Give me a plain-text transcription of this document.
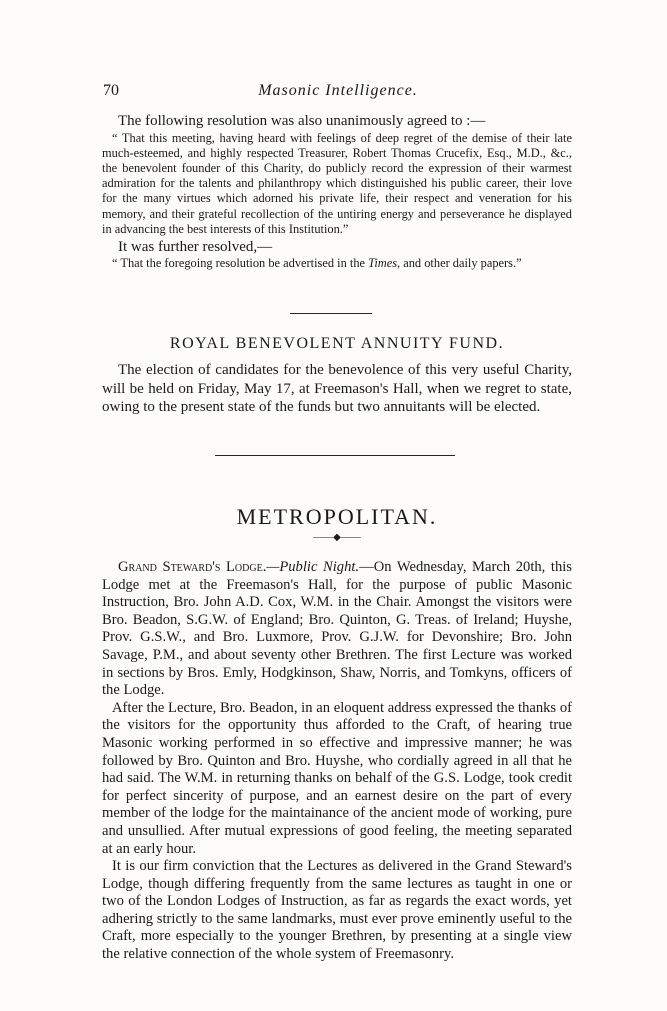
70	Masonic Intelligence.

The following resolution was also unanimously agreed to :—

“ That this meeting, having heard with feelings of deep regret of the demise of their late much-esteemed, and highly respected Treasurer, Robert Thomas Crucefix, Esq., M.D., &c., the benevolent founder of this Charity, do publicly record the expression of their warmest admiration for the talents and philanthropy which distinguished his public career, their love for the many virtues which adorned his private life, their respect and veneration for his memory, and their grateful recollection of the untiring energy and perseverance he displayed in advancing the best interests of this Institution.”

It was further resolved,—

“ That the foregoing resolution be advertised in the Times, and other daily papers.”

ROYAL BENEVOLENT ANNUITY FUND.

The election of candidates for the benevolence of this very useful Charity, will be held on Friday, May 17, at Freemason's Hall, when we regret to state, owing to the present state of the funds but two annuitants will be elected.

METROPOLITAN.

——◆——

Grand Steward's Lodge.—Public Night.—On Wednesday, March 20th, this Lodge met at the Freemason's Hall, for the purpose of public Masonic Instruction, Bro. John A.D. Cox, W.M. in the Chair. Amongst the visitors were Bro. Beadon, S.G.W. of England; Bro. Quinton, G. Treas. of Ireland; Huyshe, Prov. G.S.W., and Bro. Luxmore, Prov. G.J.W. for Devonshire; Bro. John Savage, P.M., and about seventy other Brethren. The first Lecture was worked in sections by Bros. Emly, Hodgkinson, Shaw, Norris, and Tomkyns, officers of the Lodge.

After the Lecture, Bro. Beadon, in an eloquent address expressed the thanks of the visitors for the opportunity thus afforded to the Craft, of hearing true Masonic working performed in so effective and impressive manner; he was followed by Bro. Quinton and Bro. Huyshe, who cordially agreed in all that he had said. The W.M. in returning thanks on behalf of the G.S. Lodge, took credit for perfect sincerity of purpose, and an earnest desire on the part of every member of the lodge for the maintainance of the ancient mode of working, pure and unsullied. After mutual expressions of good feeling, the meeting separated at an early hour.

It is our firm conviction that the Lectures as delivered in the Grand Steward's Lodge, though differing frequently from the same lectures as taught in one or two of the London Lodges of Instruction, as far as regards the exact words, yet adhering strictly to the same landmarks, must ever prove eminently useful to the Craft, more especially to the younger Brethren, by presenting at a single view the relative connection of the whole system of Freemasonry.
